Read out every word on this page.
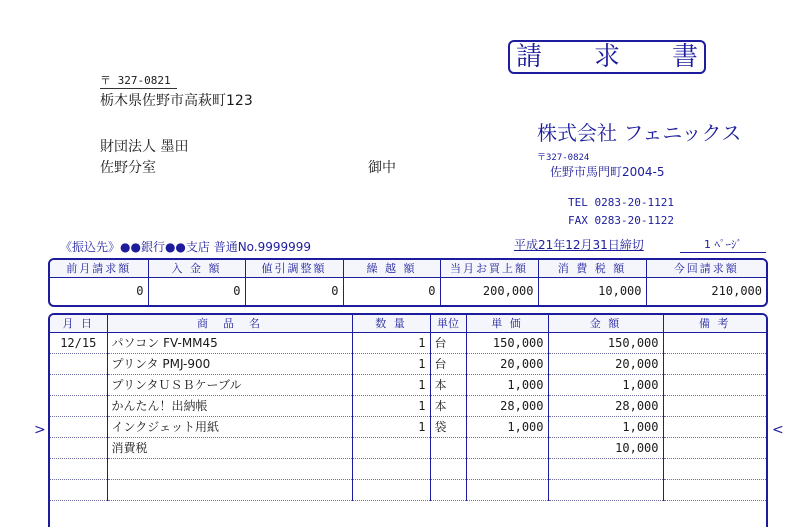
請 求 書
〒 327-0821
栃木県佐野市高萩町123
財団法人 墨田
佐野分室	御中
株式会社 フェニックス
〒327-0824
佐野市馬門町2004-5
TEL 0283-20-1121
FAX 0283-20-1122
《振込先》●●銀行●●支店 普通No.9999999	平成21年12月31日締切	1 ﾍﾟｰｼﾞ
前月請求額	入 金 額	値引調整額	繰 越 額	当月お買上額	消 費 税 額	今回請求額
0	0	0	0	200,000	10,000	210,000
月 日	商　品　名	数 量	単位	単 価	金 額	備 考
12/15	パソコン FV-MM45	1	台	150,000	150,000	
	プリンタ PMJ-900	1	台	20,000	20,000	
	プリンタＵＳＢケーブル	1	本	1,000	1,000	
	かんたん！出納帳	1	本	28,000	28,000	
	インクジェット用紙	1	袋	1,000	1,000	
	消費税				10,000	

>	<
